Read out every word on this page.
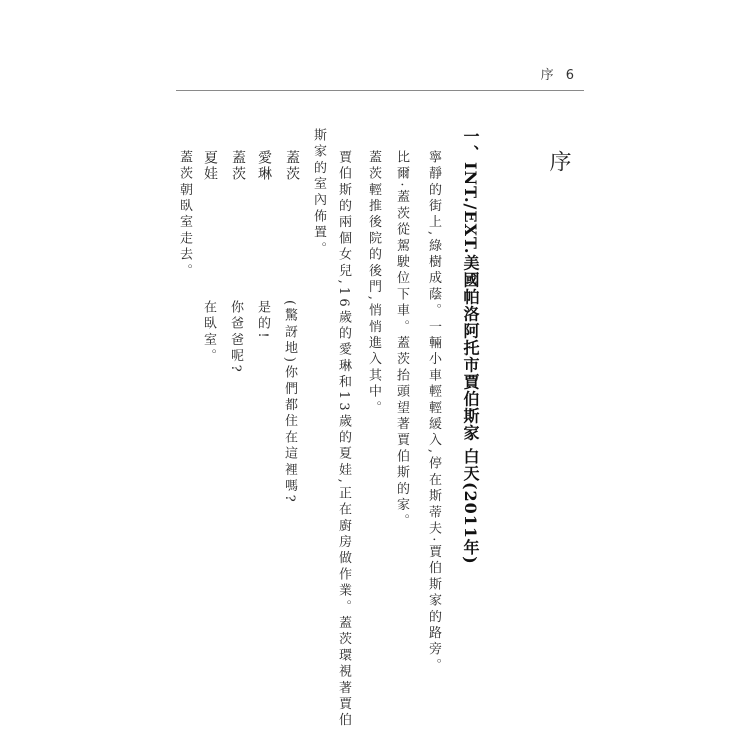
序 6
序
一、INT./EXT.美國帕洛阿托市賈伯斯家 白天(2011年)
寧靜的街上,綠樹成蔭。一輛小車輕輕緩入,停在斯蒂夫·賈伯斯家的路旁。
比爾·蓋茨從駕駛位下車。蓋茨抬頭望著賈伯斯的家。
蓋茨輕推後院的後門,悄悄進入其中。
賈伯斯的兩個女兒,16歲的愛琳和13歲的夏娃,正在廚房做作業。蓋茨環視著賈伯
斯家的室內佈置。
蓋茨
(驚訝地)你們都住在這裡嗎?
愛琳
是的!
蓋茨
你爸爸呢?
夏娃
在臥室。
蓋茨朝臥室走去。
